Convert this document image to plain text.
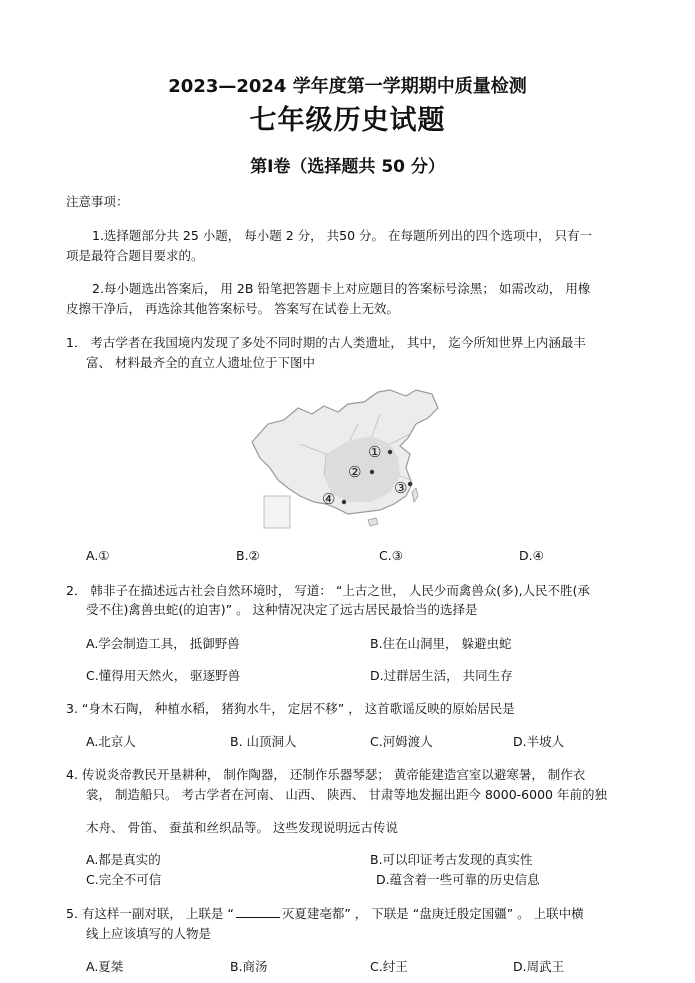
2023—2024 学年度第一学期期中质量检测
七年级历史试题
第Ⅰ卷（选择题共 50 分）
注意事项：
1.选择题部分共 25 小题， 每小题 2 分， 共50 分。 在每题所列出的四个选项中， 只有一
项是最符合题目要求的。
2.每小题选出答案后， 用 2B 铅笔把答题卡上对应题目的答案标号涂黑； 如需改动， 用橡
皮擦干净后， 再选涂其他答案标号。 答案写在试卷上无效。
1． 考古学者在我国境内发现了多处不同时期的古人类遗址， 其中， 迄今所知世界上内涵最丰
富、 材料最齐全的直立人遗址位于下图中
①
②
③
④
A.①	B.②	C.③	D.④
2． 韩非子在描述远古社会自然环境时， 写道： “上古之世， 人民少而禽兽众(多),人民不胜(承
受不住)禽兽虫蛇(的迫害)” 。 这种情况决定了远古居民最恰当的选择是
A.学会制造工具， 抵御野兽	B.住在山洞里， 躲避虫蛇
C.懂得用天然火， 驱逐野兽	D.过群居生活， 共同生存
3. “身木石陶， 种植水稻， 猪狗水牛， 定居不移” ， 这首歌谣反映的原始居民是
A.北京人	B. 山顶洞人	C.河姆渡人	D.半坡人
4. 传说炎帝教民开垦耕种， 制作陶器， 还制作乐器琴瑟； 黄帝能建造宫室以避寒暑， 制作衣
裳， 制造船只。 考古学者在河南、 山西、 陕西、 甘肃等地发掘出距今 8000-6000 年前的独
木舟、 骨笛、 蚕茧和丝织品等。 这些发现说明远古传说
A.都是真实的	B.可以印证考古发现的真实性
C.完全不可信	D.蕴含着一些可靠的历史信息
5. 有这样一副对联， 上联是 “	灭夏建亳都” ， 下联是 “盘庚迁殷定国疆” 。 上联中横
线上应该填写的人物是
A.夏桀	B.商汤	C.纣王	D.周武王
